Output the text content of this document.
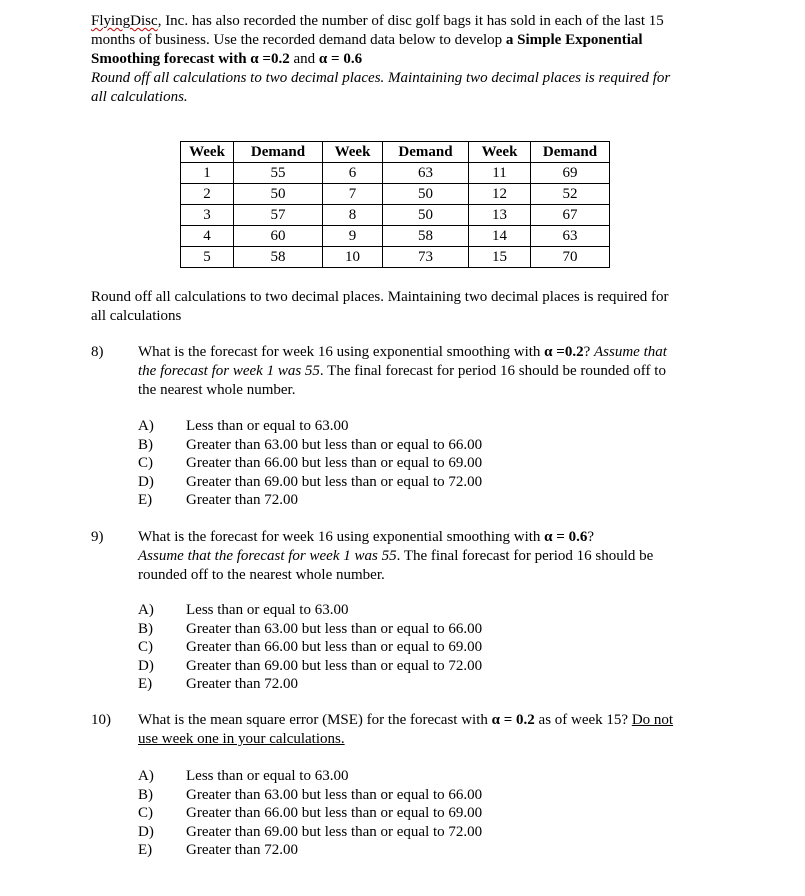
FlyingDisc, Inc. has also recorded the number of disc golf bags it has sold in each of the last 15
months of business. Use the recorded demand data below to develop a Simple Exponential
Smoothing forecast with α =0.2 and α = 0.6
Round off all calculations to two decimal places. Maintaining two decimal places is required for
all calculations.
Week	Demand	Week	Demand	Week	Demand
1	55	6	63	11	69
2	50	7	50	12	52
3	57	8	50	13	67
4	60	9	58	14	63
5	58	10	73	15	70
Round off all calculations to two decimal places. Maintaining two decimal places is required for
all calculations
8) What is the forecast for week 16 using exponential smoothing with α =0.2? Assume that
the forecast for week 1 was 55. The final forecast for period 16 should be rounded off to
the nearest whole number.
A) Less than or equal to 63.00
B) Greater than 63.00 but less than or equal to 66.00
C) Greater than 66.00 but less than or equal to 69.00
D) Greater than 69.00 but less than or equal to 72.00
E) Greater than 72.00
9) What is the forecast for week 16 using exponential smoothing with α = 0.6?
Assume that the forecast for week 1 was 55. The final forecast for period 16 should be
rounded off to the nearest whole number.
A) Less than or equal to 63.00
B) Greater than 63.00 but less than or equal to 66.00
C) Greater than 66.00 but less than or equal to 69.00
D) Greater than 69.00 but less than or equal to 72.00
E) Greater than 72.00
10) What is the mean square error (MSE) for the forecast with α = 0.2 as of week 15? Do not
use week one in your calculations.
A) Less than or equal to 63.00
B) Greater than 63.00 but less than or equal to 66.00
C) Greater than 66.00 but less than or equal to 69.00
D) Greater than 69.00 but less than or equal to 72.00
E) Greater than 72.00
